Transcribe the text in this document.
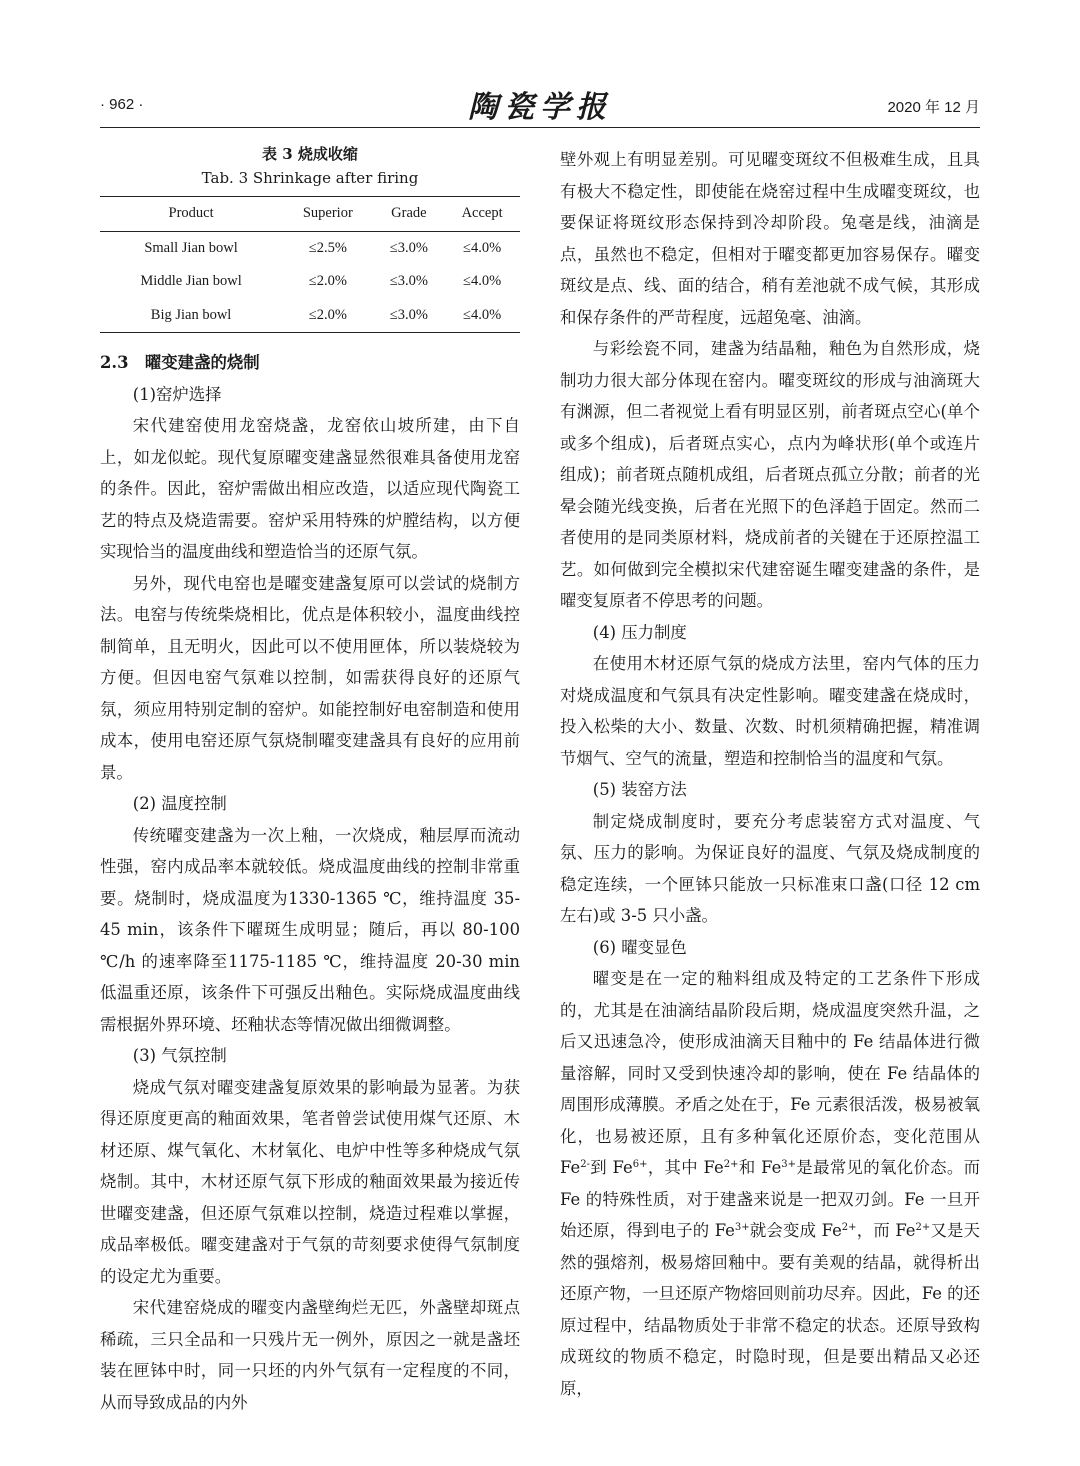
· 962 ·	陶瓷学报	2020 年 12 月
表 3 烧成收缩
Tab. 3 Shrinkage after firing
Product	Superior	Grade	Accept
Small Jian bowl	≤2.5%	≤3.0%	≤4.0%
Middle Jian bowl	≤2.0%	≤3.0%	≤4.0%
Big Jian bowl	≤2.0%	≤3.0%	≤4.0%

2.3　曜变建盏的烧制

(1)窑炉选择

宋代建窑使用龙窑烧盏，龙窑依山坡所建，由下自上，如龙似蛇。现代复原曜变建盏显然很难具备使用龙窑的条件。因此，窑炉需做出相应改造，以适应现代陶瓷工艺的特点及烧造需要。窑炉采用特殊的炉膛结构，以方便实现恰当的温度曲线和塑造恰当的还原气氛。

另外，现代电窑也是曜变建盏复原可以尝试的烧制方法。电窑与传统柴烧相比，优点是体积较小，温度曲线控制简单，且无明火，因此可以不使用匣体，所以装烧较为方便。但因电窑气氛难以控制，如需获得良好的还原气氛，须应用特别定制的窑炉。如能控制好电窑制造和使用成本，使用电窑还原气氛烧制曜变建盏具有良好的应用前景。

(2) 温度控制

传统曜变建盏为一次上釉，一次烧成，釉层厚而流动性强，窑内成品率本就较低。烧成温度曲线的控制非常重要。烧制时，烧成温度为1330-1365 ℃，维持温度 35-45 min，该条件下曜斑生成明显；随后，再以 80-100 ℃/h 的速率降至1175-1185 ℃，维持温度 20-30 min 低温重还原，该条件下可强反出釉色。实际烧成温度曲线需根据外界环境、坯釉状态等情况做出细微调整。

(3) 气氛控制

烧成气氛对曜变建盏复原效果的影响最为显著。为获得还原度更高的釉面效果，笔者曾尝试使用煤气还原、木材还原、煤气氧化、木材氧化、电炉中性等多种烧成气氛烧制。其中，木材还原气氛下形成的釉面效果最为接近传世曜变建盏，但还原气氛难以控制，烧造过程难以掌握，成品率极低。曜变建盏对于气氛的苛刻要求使得气氛制度的设定尤为重要。

宋代建窑烧成的曜变内盏壁绚烂无匹，外盏壁却斑点稀疏，三只全品和一只残片无一例外，原因之一就是盏坯装在匣钵中时，同一只坯的内外气氛有一定程度的不同，从而导致成品的内外

壁外观上有明显差别。可见曜变斑纹不但极难生成，且具有极大不稳定性，即使能在烧窑过程中生成曜变斑纹，也要保证将斑纹形态保持到冷却阶段。兔毫是线，油滴是点，虽然也不稳定，但相对于曜变都更加容易保存。曜变斑纹是点、线、面的结合，稍有差池就不成气候，其形成和保存条件的严苛程度，远超兔毫、油滴。

与彩绘瓷不同，建盏为结晶釉，釉色为自然形成，烧制功力很大部分体现在窑内。曜变斑纹的形成与油滴斑大有渊源，但二者视觉上看有明显区别，前者斑点空心(单个或多个组成)，后者斑点实心，点内为峰状形(单个或连片组成)；前者斑点随机成组，后者斑点孤立分散；前者的光晕会随光线变换，后者在光照下的色泽趋于固定。然而二者使用的是同类原材料，烧成前者的关键在于还原控温工艺。如何做到完全模拟宋代建窑诞生曜变建盏的条件，是曜变复原者不停思考的问题。

(4) 压力制度

在使用木材还原气氛的烧成方法里，窑内气体的压力对烧成温度和气氛具有决定性影响。曜变建盏在烧成时，投入松柴的大小、数量、次数、时机须精确把握，精准调节烟气、空气的流量，塑造和控制恰当的温度和气氛。

(5) 装窑方法

制定烧成制度时，要充分考虑装窑方式对温度、气氛、压力的影响。为保证良好的温度、气氛及烧成制度的稳定连续，一个匣钵只能放一只标准束口盏(口径 12 cm 左右)或 3-5 只小盏。

(6) 曜变显色

曜变是在一定的釉料组成及特定的工艺条件下形成的，尤其是在油滴结晶阶段后期，烧成温度突然升温，之后又迅速急冷，使形成油滴天目釉中的 Fe 结晶体进行微量溶解，同时又受到快速冷却的影响，使在 Fe 结晶体的周围形成薄膜。矛盾之处在于，Fe 元素很活泼，极易被氧化，也易被还原，且有多种氧化还原价态，变化范围从 $Fe^{2-}$到 $Fe^{6+}$，其中 $Fe^{2+}$和 $Fe^{3+}$是最常见的氧化价态。而 Fe 的特殊性质，对于建盏来说是一把双刃剑。Fe 一旦开始还原，得到电子的 $Fe^{3+}$就会变成 $Fe^{2+}$，而 $Fe^{2+}$又是天然的强熔剂，极易熔回釉中。要有美观的结晶，就得析出还原产物，一旦还原产物熔回则前功尽弃。因此，Fe 的还原过程中，结晶物质处于非常不稳定的状态。还原导致构成斑纹的物质不稳定，时隐时现，但是要出精品又必还原，
